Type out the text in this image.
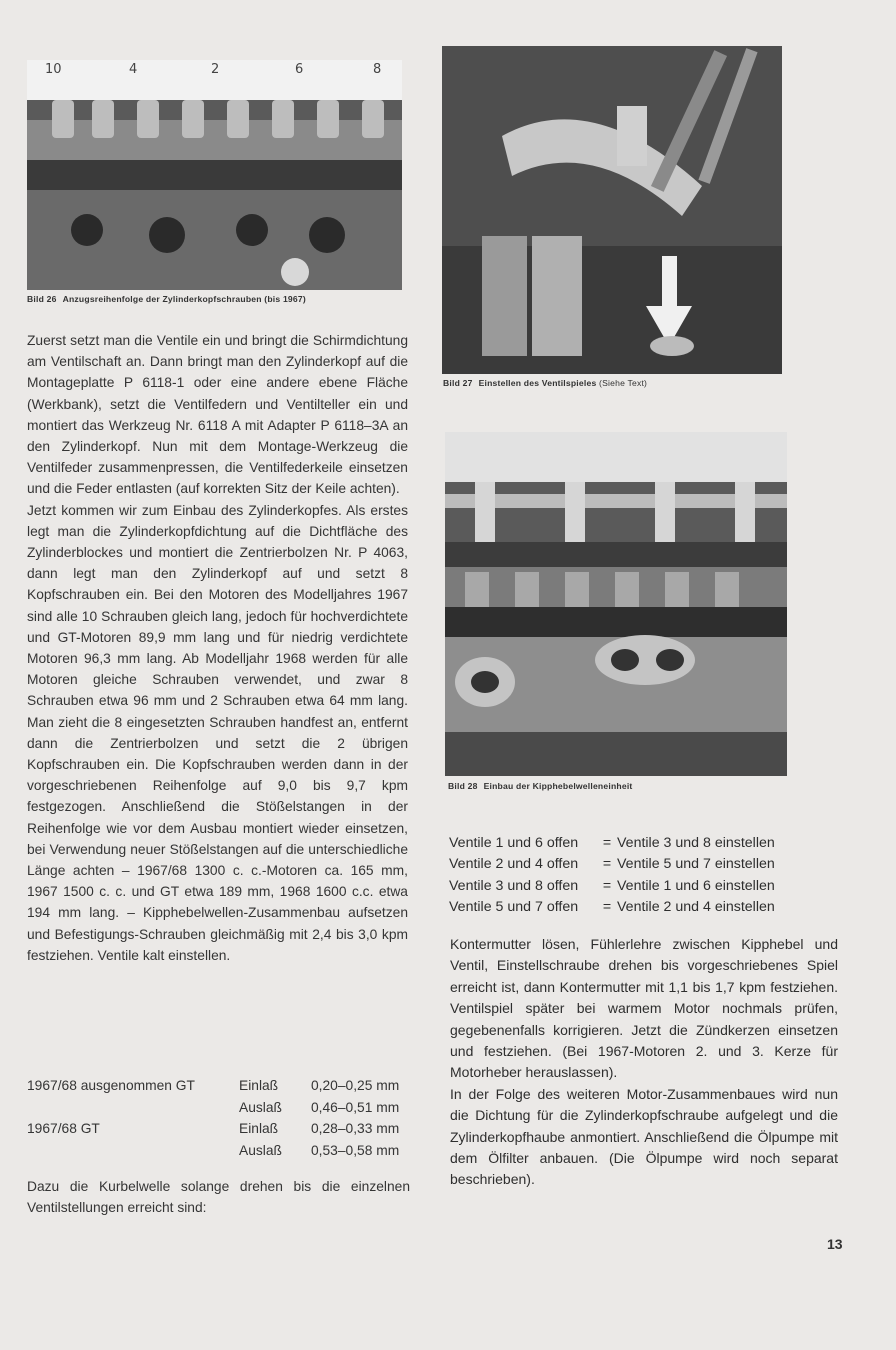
10	4	2	6	8
Bild 26 Anzugsreihenfolge der Zylinderkopfschrauben (bis 1967)
Bild 27 Einstellen des Ventilspieles (Siehe Text)
Bild 28 Einbau der Kipphebelwelleneinheit

Zuerst setzt man die Ventile ein und bringt die Schirmdichtung am Ventilschaft an. Dann bringt man den Zylinderkopf auf die Montageplatte P 6118-1 oder eine andere ebene Fläche (Werkbank), setzt die Ventilfedern und Ventilteller ein und montiert das Werkzeug Nr. 6118 A mit Adapter P 6118–3A an den Zylinderkopf. Nun mit dem Montage-Werkzeug die Ventilfeder zusammenpressen, die Ventilfederkeile einsetzen und die Feder entlasten (auf korrekten Sitz der Keile achten).

Jetzt kommen wir zum Einbau des Zylinderkopfes. Als erstes legt man die Zylinderkopfdichtung auf die Dichtfläche des Zylinderblockes und montiert die Zentrierbolzen Nr. P 4063, dann legt man den Zylinderkopf auf und setzt 8 Kopfschrauben ein. Bei den Motoren des Modelljahres 1967 sind alle 10 Schrauben gleich lang, jedoch für hochverdichtete und GT-Motoren 89,9 mm lang und für niedrig verdichtete Motoren 96,3 mm lang. Ab Modelljahr 1968 werden für alle Motoren gleiche Schrauben verwendet, und zwar 8 Schrauben etwa 96 mm und 2 Schrauben etwa 64 mm lang. Man zieht die 8 eingesetzten Schrauben handfest an, entfernt dann die Zentrierbolzen und setzt die 2 übrigen Kopfschrauben ein. Die Kopfschrauben werden dann in der vorgeschriebenen Reihenfolge auf 9,0 bis 9,7 kpm festgezogen. Anschließend die Stößelstangen in der Reihenfolge wie vor dem Ausbau montiert wieder einsetzen, bei Verwendung neuer Stößelstangen auf die unterschiedliche Länge achten – 1967/68 1300 c. c.-Motoren ca. 165 mm, 1967 1500 c. c. und GT etwa 189 mm, 1968 1600 c.c. etwa 194 mm lang. – Kipphebelwellen-Zusammenbau aufsetzen und Befestigungs-Schrauben gleichmäßig mit 2,4 bis 3,0 kpm festziehen. Ventile kalt einstellen.

1967/68 ausgenommen GT	Einlaß	0,20–0,25 mm
	Auslaß	0,46–0,51 mm
1967/68 GT	Einlaß	0,28–0,33 mm
	Auslaß	0,53–0,58 mm

Dazu die Kurbelwelle solange drehen bis die einzelnen Ventilstellungen erreicht sind:

Ventile 1 und 6 offen	=	Ventile 3 und 8 einstellen
Ventile 2 und 4 offen	=	Ventile 5 und 7 einstellen
Ventile 3 und 8 offen	=	Ventile 1 und 6 einstellen
Ventile 5 und 7 offen	=	Ventile 2 und 4 einstellen

Kontermutter lösen, Fühlerlehre zwischen Kipphebel und Ventil, Einstellschraube drehen bis vorgeschriebenes Spiel erreicht ist, dann Kontermutter mit 1,1 bis 1,7 kpm festziehen. Ventilspiel später bei warmem Motor nochmals prüfen, gegebenenfalls korrigieren. Jetzt die Zündkerzen einsetzen und festziehen. (Bei 1967-Motoren 2. und 3. Kerze für Motorheber herauslassen).

In der Folge des weiteren Motor-Zusammenbaues wird nun die Dichtung für die Zylinderkopfschraube aufgelegt und die Zylinderkopfhaube anmontiert. Anschließend die Ölpumpe mit dem Ölfilter anbauen. (Die Ölpumpe wird noch separat beschrieben).

13
